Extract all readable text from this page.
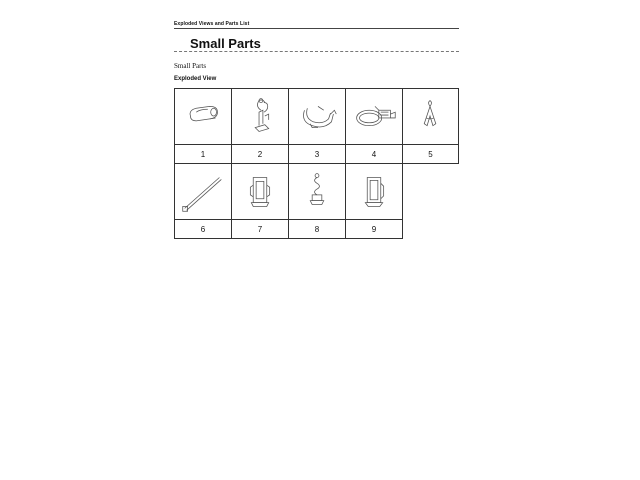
Exploded Views and Parts List
Small Parts
Small Parts
Exploded View
1	2	3	4	5
6	7	8	9
